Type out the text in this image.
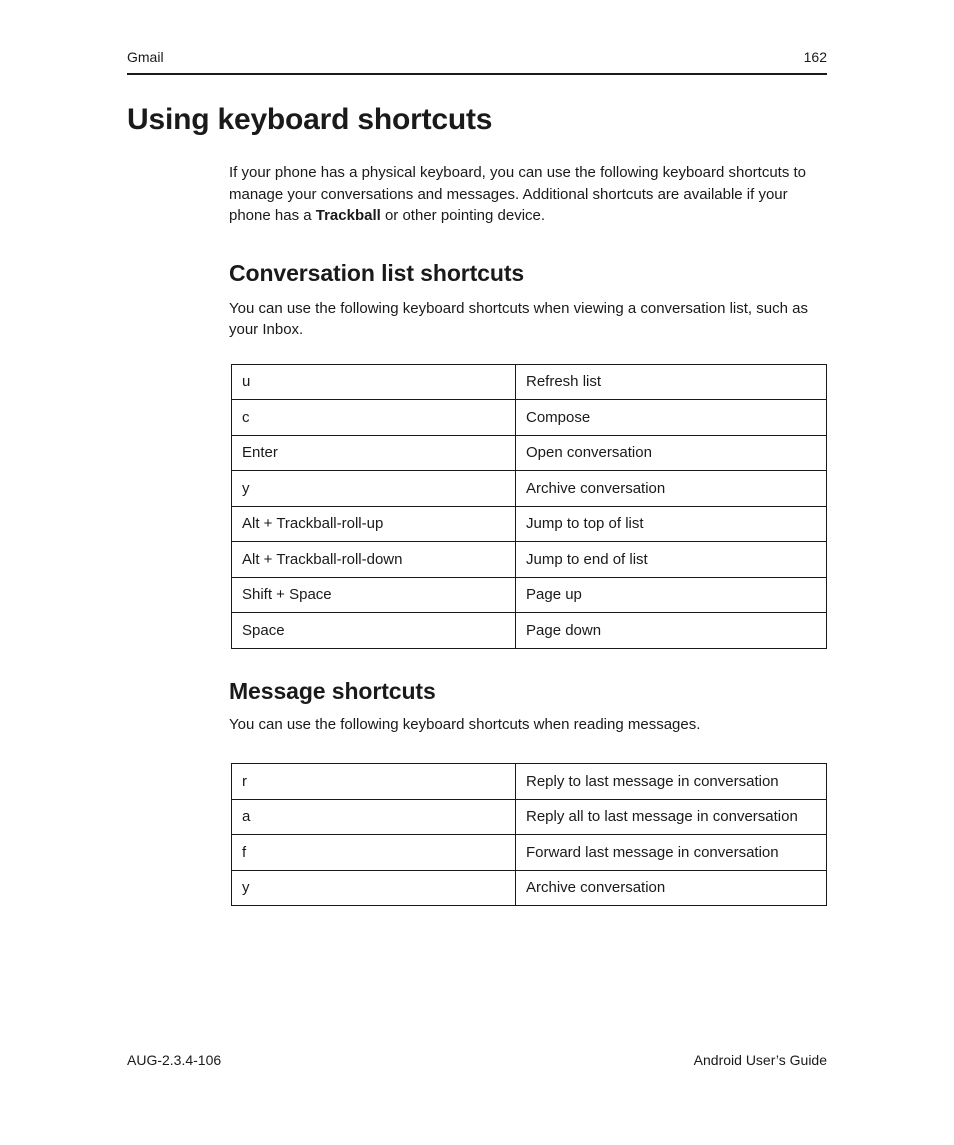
Gmail	162
Using keyboard shortcuts

If your phone has a physical keyboard, you can use the following keyboard shortcuts to manage your conversations and messages. Additional shortcuts are available if your phone has a Trackball or other pointing device.

Conversation list shortcuts

You can use the following keyboard shortcuts when viewing a conversation list, such as your Inbox.

u	Refresh list
c	Compose
Enter	Open conversation
y	Archive conversation
Alt + Trackball-roll-up	Jump to top of list
Alt + Trackball-roll-down	Jump to end of list
Shift + Space	Page up
Space	Page down
Message shortcuts

You can use the following keyboard shortcuts when reading messages.

r	Reply to last message in conversation
a	Reply all to last message in conversation
f	Forward last message in conversation
y	Archive conversation
AUG-2.3.4-106	Android User’s Guide
